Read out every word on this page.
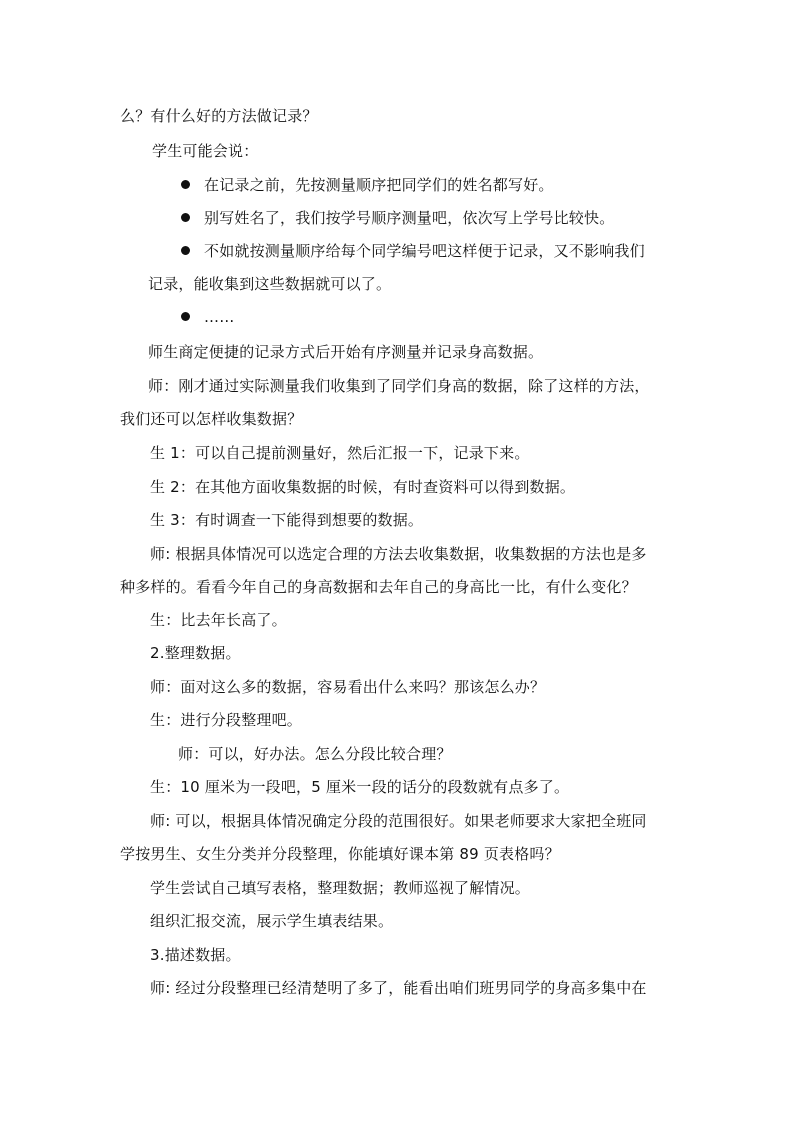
么？有什么好的方法做记录？
学生可能会说：
在记录之前，先按测量顺序把同学们的姓名都写好。
别写姓名了，我们按学号顺序测量吧，依次写上学号比较快。
不如就按测量顺序给每个同学编号吧这样便于记录，又不影响我们
记录，能收集到这些数据就可以了。
……
师生商定便捷的记录方式后开始有序测量并记录身高数据。
师：刚才通过实际测量我们收集到了同学们身高的数据，除了这样的方法，
我们还可以怎样收集数据？
生 1：可以自己提前测量好，然后汇报一下，记录下来。
生 2：在其他方面收集数据的时候，有时查资料可以得到数据。
生 3：有时调查一下能得到想要的数据。
师: 根据具体情况可以选定合理的方法去收集数据，收集数据的方法也是多
种多样的。看看今年自己的身高数据和去年自己的身高比一比，有什么变化？
生：比去年长高了。
2.整理数据。
师：面对这么多的数据，容易看出什么来吗？那该怎么办？
生：进行分段整理吧。
师：可以，好办法。怎么分段比较合理？
生：10 厘米为一段吧，5 厘米一段的话分的段数就有点多了。
师: 可以，根据具体情况确定分段的范围很好。如果老师要求大家把全班同
学按男生、女生分类并分段整理，你能填好课本第 89 页表格吗？
学生尝试自己填写表格，整理数据；教师巡视了解情况。
组织汇报交流，展示学生填表结果。
3.描述数据。
师: 经过分段整理已经清楚明了多了，能看出咱们班男同学的身高多集中在
